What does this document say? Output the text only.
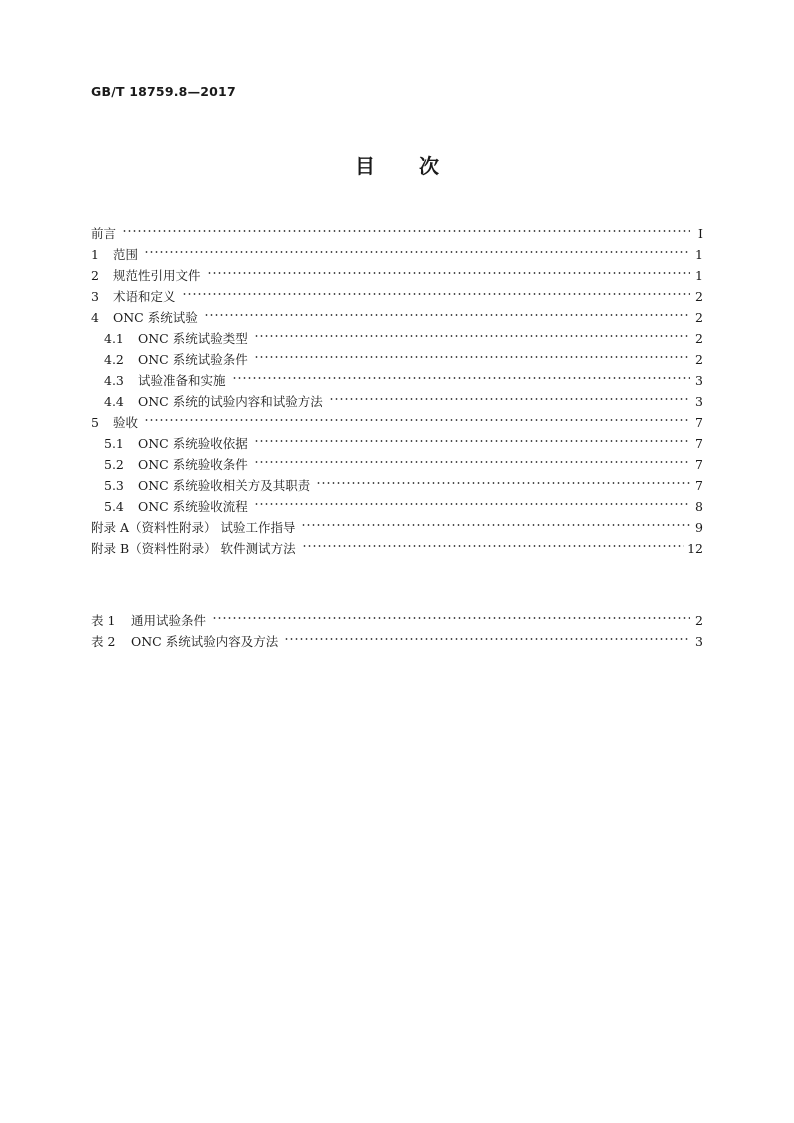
GB/T 18759.8—2017
目 次
前言	Ⅰ
1	范围	1
2	规范性引用文件	1
3	术语和定义	2
4	ONC 系统试验	2
4.1	ONC 系统试验类型	2
4.2	ONC 系统试验条件	2
4.3	试验准备和实施	3
4.4	ONC 系统的试验内容和试验方法	3
5	验收	7
5.1	ONC 系统验收依据	7
5.2	ONC 系统验收条件	7
5.3	ONC 系统验收相关方及其职责	7
5.4	ONC 系统验收流程	8
附录 A（资料性附录） 试验工作指导	9
附录 B（资料性附录） 软件测试方法	12
表 1	通用试验条件	2
表 2	ONC 系统试验内容及方法	3
